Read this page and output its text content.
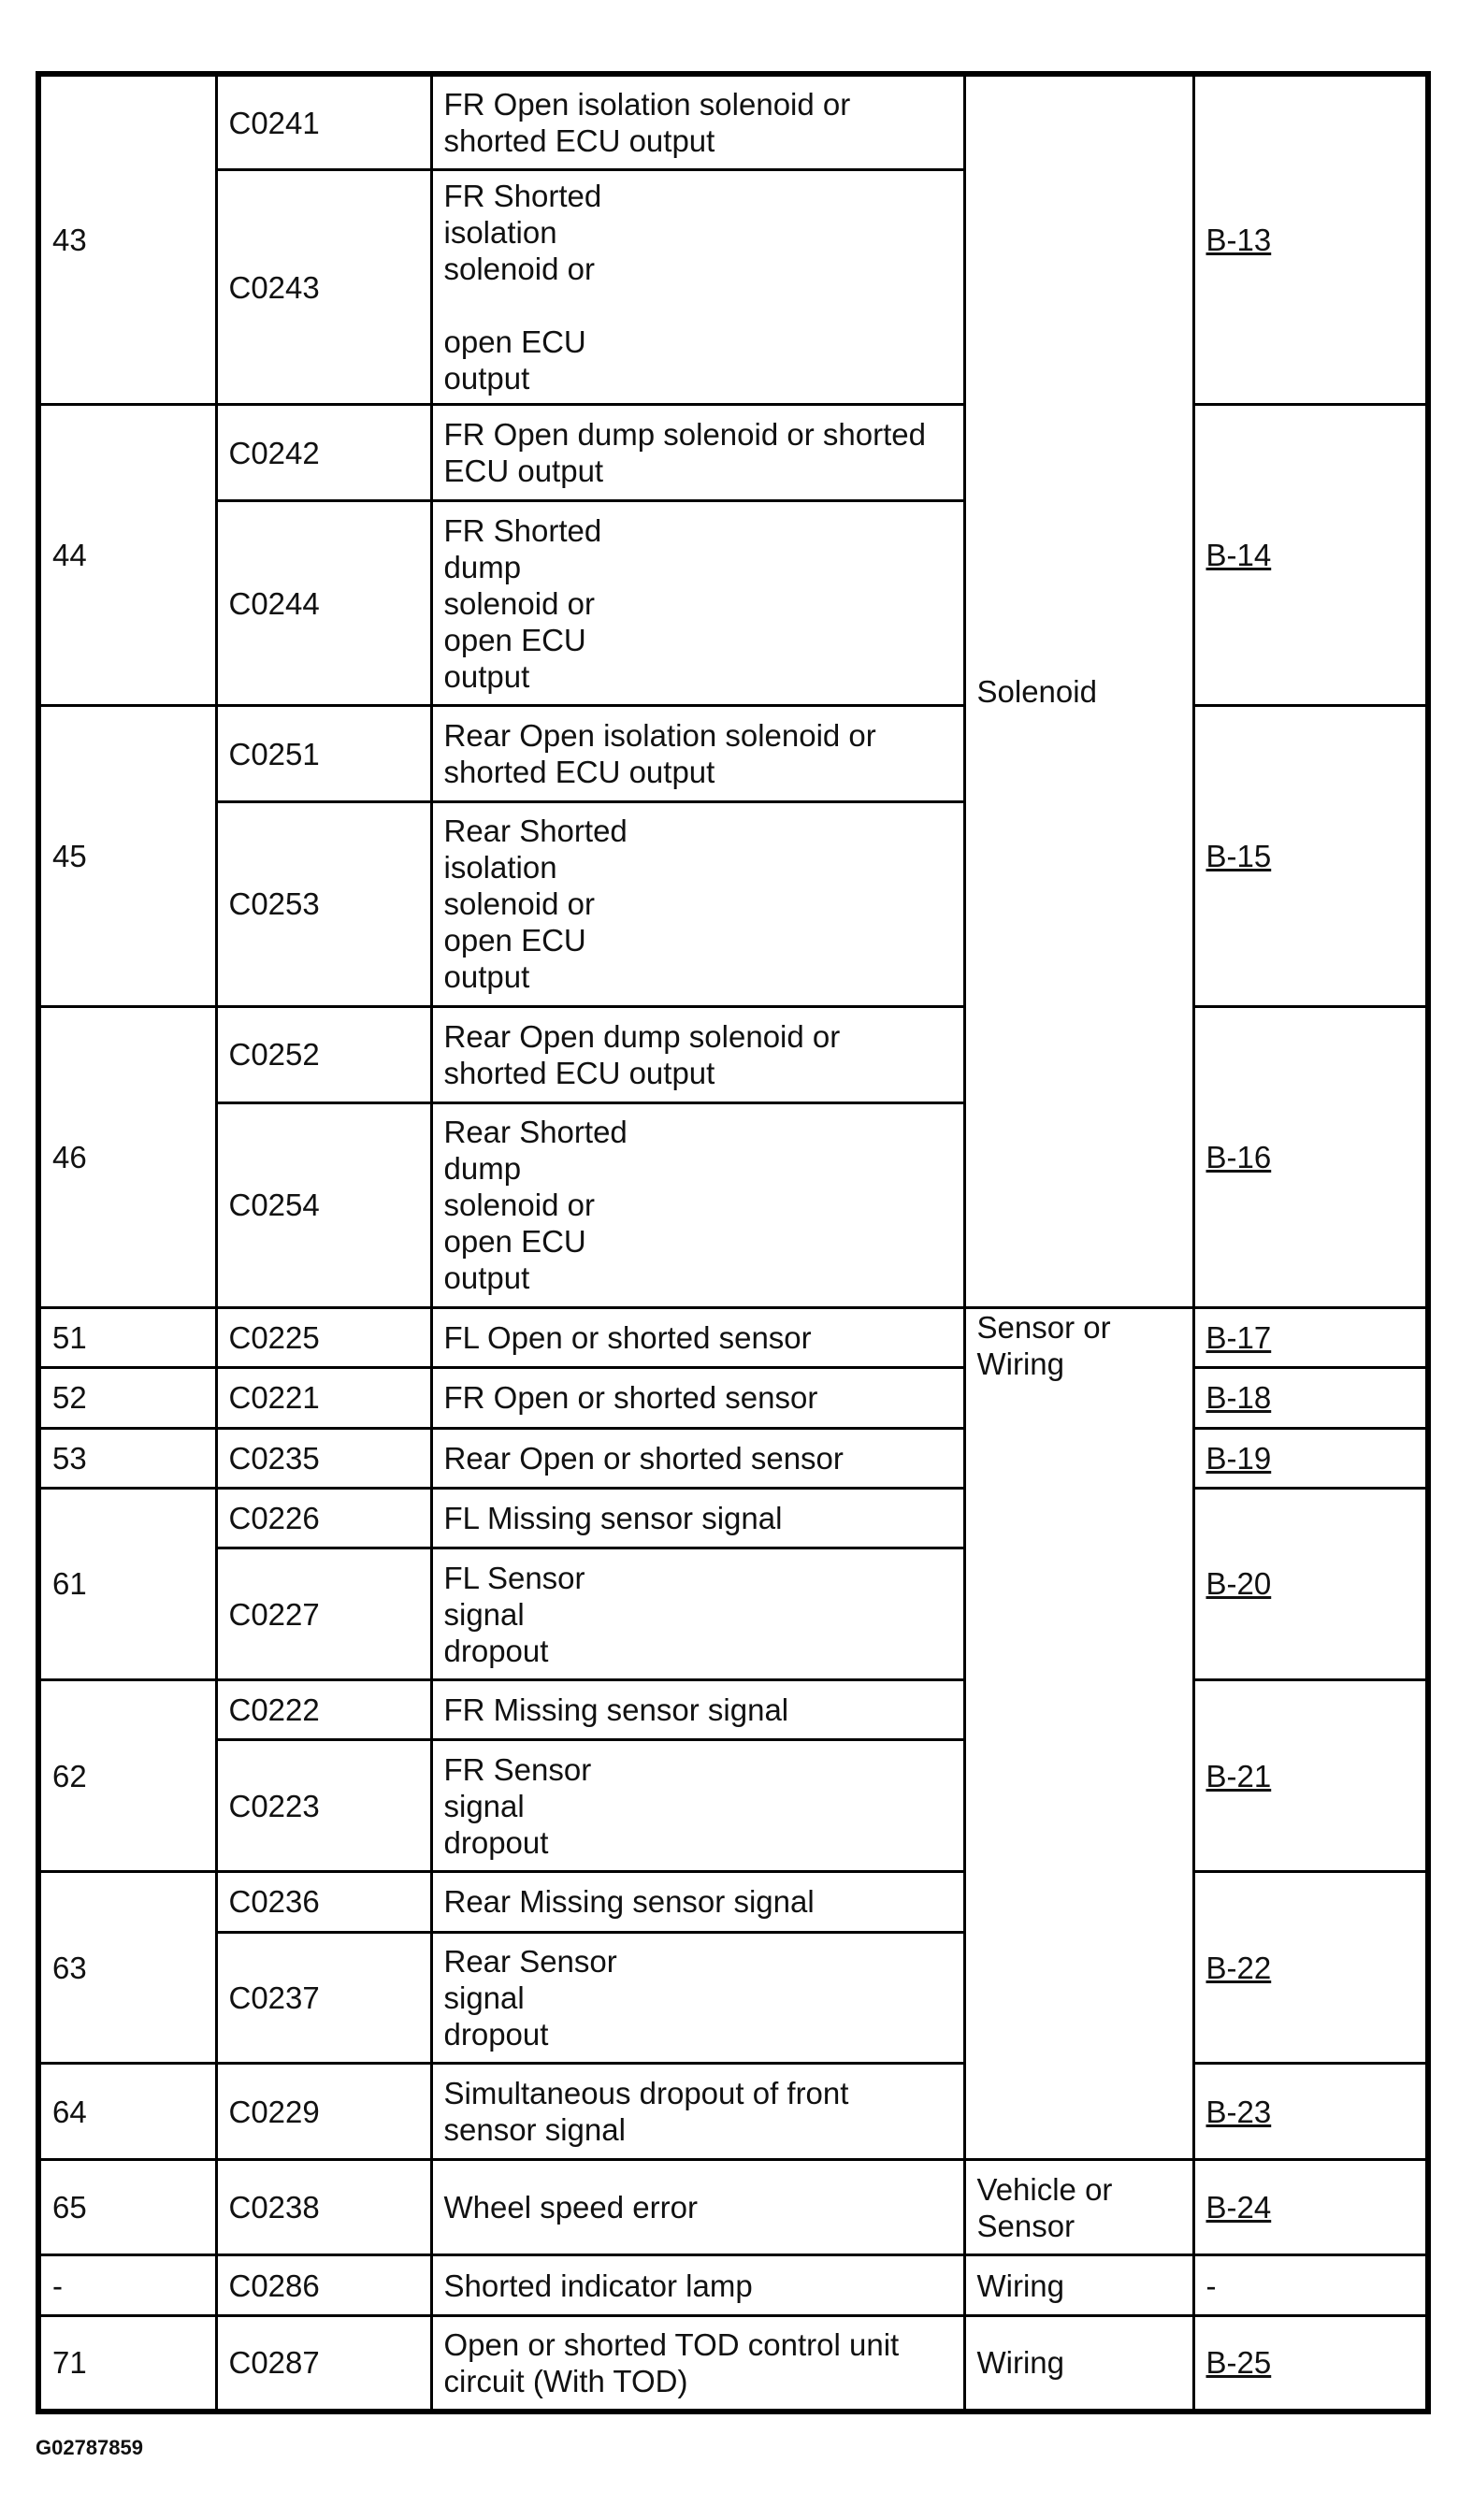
43	C0241	FR Open isolation solenoid or
shorted ECU output	Solenoid	B-13
	C0243	FR Shorted
isolation
solenoid or

open ECU
output		
44	C0242	FR Open dump solenoid or shorted
ECU output		B-14
	C0244	FR Shorted
dump
solenoid or
open ECU
output		
45	C0251	Rear Open isolation solenoid or
shorted ECU output		B-15
	C0253	Rear Shorted
isolation
solenoid or
open ECU
output		
46	C0252	Rear Open dump solenoid or
shorted ECU output		B-16
	C0254	Rear Shorted
dump
solenoid or
open ECU
output		
51	C0225	FL Open or shorted sensor	Sensor or
Wiring	B-17
52	C0221	FR Open or shorted sensor		B-18
53	C0235	Rear Open or shorted sensor		B-19
61	C0226	FL Missing sensor signal		B-20
	C0227	FL Sensor
signal
dropout		
62	C0222	FR Missing sensor signal		B-21
	C0223	FR Sensor
signal
dropout		
63	C0236	Rear Missing sensor signal		B-22
	C0237	Rear Sensor
signal
dropout		
64	C0229	Simultaneous dropout of front
sensor signal		B-23
65	C0238	Wheel speed error	Vehicle or
Sensor	B-24
-	C0286	Shorted indicator lamp	Wiring	-
71	C0287	Open or shorted TOD control unit
circuit (With TOD)	Wiring	B-25
G02787859
